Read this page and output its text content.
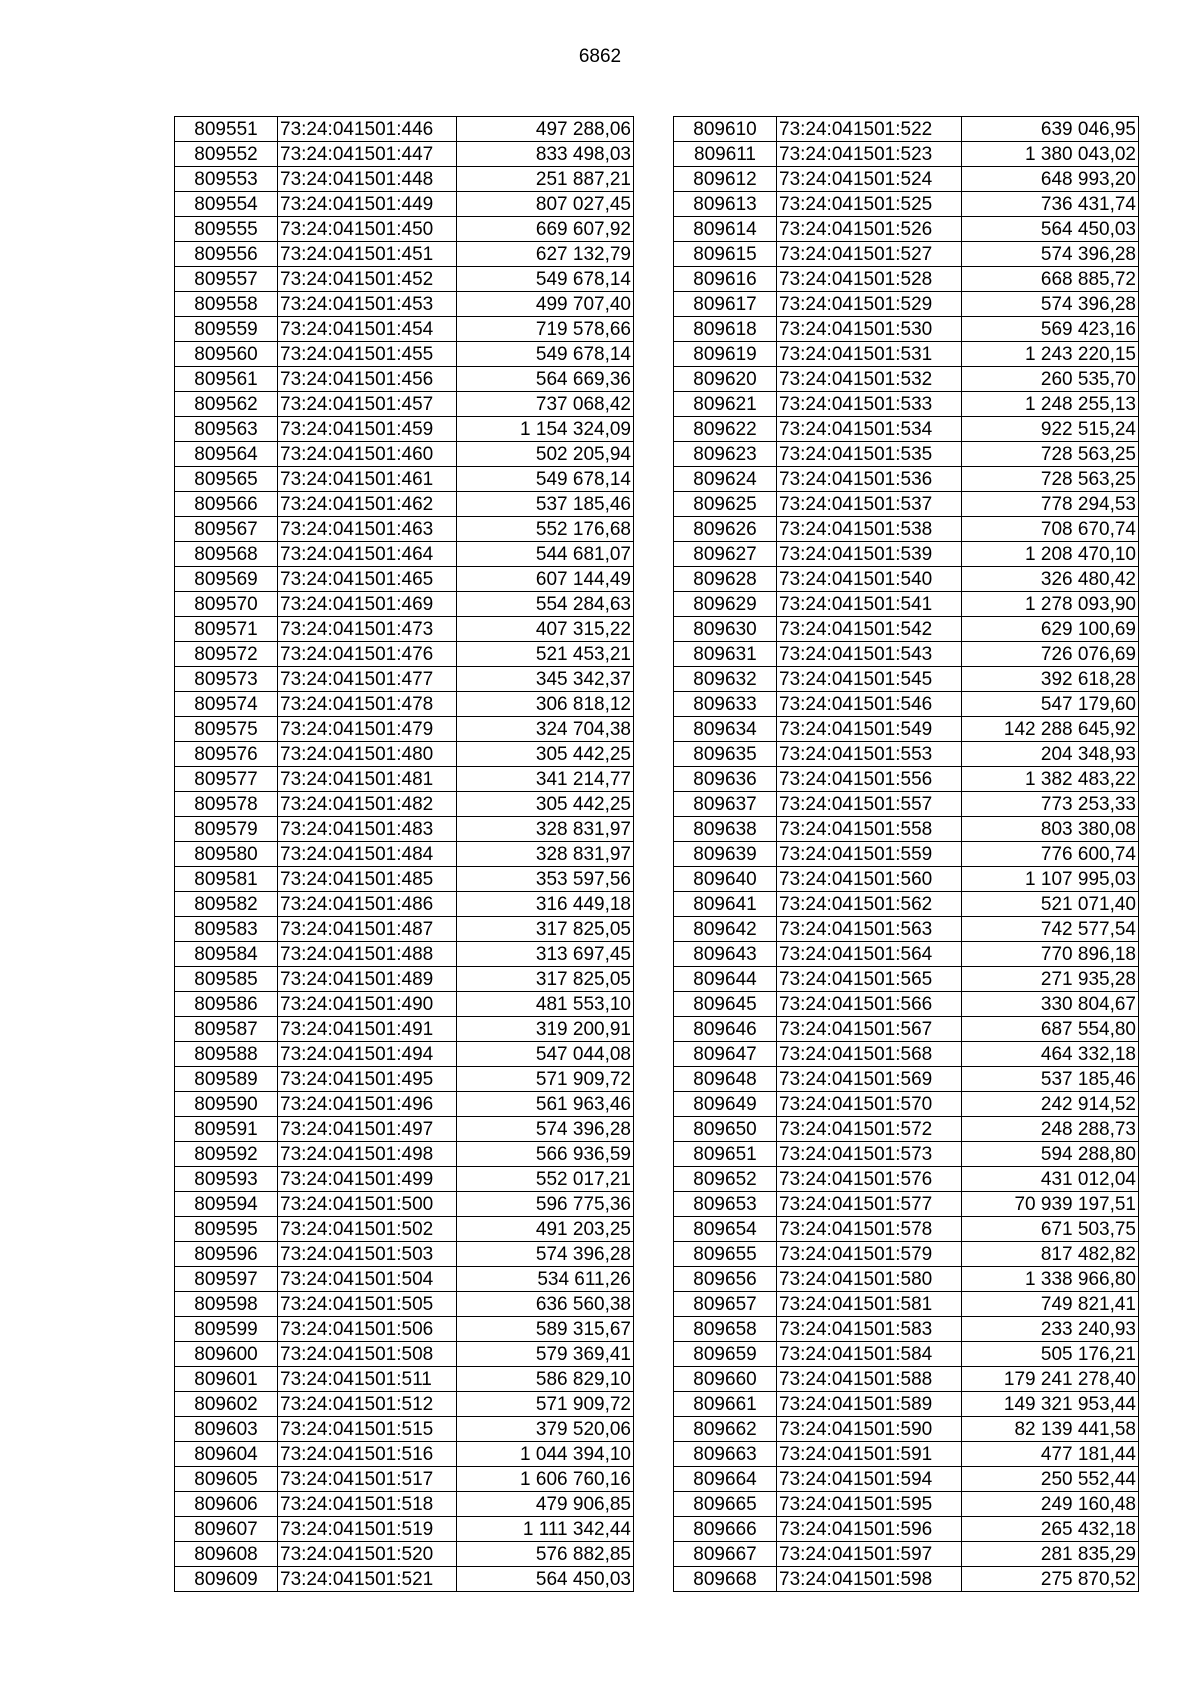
6862
809551	73:24:041501:446	497 288,06
809552	73:24:041501:447	833 498,03
809553	73:24:041501:448	251 887,21
809554	73:24:041501:449	807 027,45
809555	73:24:041501:450	669 607,92
809556	73:24:041501:451	627 132,79
809557	73:24:041501:452	549 678,14
809558	73:24:041501:453	499 707,40
809559	73:24:041501:454	719 578,66
809560	73:24:041501:455	549 678,14
809561	73:24:041501:456	564 669,36
809562	73:24:041501:457	737 068,42
809563	73:24:041501:459	1 154 324,09
809564	73:24:041501:460	502 205,94
809565	73:24:041501:461	549 678,14
809566	73:24:041501:462	537 185,46
809567	73:24:041501:463	552 176,68
809568	73:24:041501:464	544 681,07
809569	73:24:041501:465	607 144,49
809570	73:24:041501:469	554 284,63
809571	73:24:041501:473	407 315,22
809572	73:24:041501:476	521 453,21
809573	73:24:041501:477	345 342,37
809574	73:24:041501:478	306 818,12
809575	73:24:041501:479	324 704,38
809576	73:24:041501:480	305 442,25
809577	73:24:041501:481	341 214,77
809578	73:24:041501:482	305 442,25
809579	73:24:041501:483	328 831,97
809580	73:24:041501:484	328 831,97
809581	73:24:041501:485	353 597,56
809582	73:24:041501:486	316 449,18
809583	73:24:041501:487	317 825,05
809584	73:24:041501:488	313 697,45
809585	73:24:041501:489	317 825,05
809586	73:24:041501:490	481 553,10
809587	73:24:041501:491	319 200,91
809588	73:24:041501:494	547 044,08
809589	73:24:041501:495	571 909,72
809590	73:24:041501:496	561 963,46
809591	73:24:041501:497	574 396,28
809592	73:24:041501:498	566 936,59
809593	73:24:041501:499	552 017,21
809594	73:24:041501:500	596 775,36
809595	73:24:041501:502	491 203,25
809596	73:24:041501:503	574 396,28
809597	73:24:041501:504	534 611,26
809598	73:24:041501:505	636 560,38
809599	73:24:041501:506	589 315,67
809600	73:24:041501:508	579 369,41
809601	73:24:041501:511	586 829,10
809602	73:24:041501:512	571 909,72
809603	73:24:041501:515	379 520,06
809604	73:24:041501:516	1 044 394,10
809605	73:24:041501:517	1 606 760,16
809606	73:24:041501:518	479 906,85
809607	73:24:041501:519	1 111 342,44
809608	73:24:041501:520	576 882,85
809609	73:24:041501:521	564 450,03
809610	73:24:041501:522	639 046,95
809611	73:24:041501:523	1 380 043,02
809612	73:24:041501:524	648 993,20
809613	73:24:041501:525	736 431,74
809614	73:24:041501:526	564 450,03
809615	73:24:041501:527	574 396,28
809616	73:24:041501:528	668 885,72
809617	73:24:041501:529	574 396,28
809618	73:24:041501:530	569 423,16
809619	73:24:041501:531	1 243 220,15
809620	73:24:041501:532	260 535,70
809621	73:24:041501:533	1 248 255,13
809622	73:24:041501:534	922 515,24
809623	73:24:041501:535	728 563,25
809624	73:24:041501:536	728 563,25
809625	73:24:041501:537	778 294,53
809626	73:24:041501:538	708 670,74
809627	73:24:041501:539	1 208 470,10
809628	73:24:041501:540	326 480,42
809629	73:24:041501:541	1 278 093,90
809630	73:24:041501:542	629 100,69
809631	73:24:041501:543	726 076,69
809632	73:24:041501:545	392 618,28
809633	73:24:041501:546	547 179,60
809634	73:24:041501:549	142 288 645,92
809635	73:24:041501:553	204 348,93
809636	73:24:041501:556	1 382 483,22
809637	73:24:041501:557	773 253,33
809638	73:24:041501:558	803 380,08
809639	73:24:041501:559	776 600,74
809640	73:24:041501:560	1 107 995,03
809641	73:24:041501:562	521 071,40
809642	73:24:041501:563	742 577,54
809643	73:24:041501:564	770 896,18
809644	73:24:041501:565	271 935,28
809645	73:24:041501:566	330 804,67
809646	73:24:041501:567	687 554,80
809647	73:24:041501:568	464 332,18
809648	73:24:041501:569	537 185,46
809649	73:24:041501:570	242 914,52
809650	73:24:041501:572	248 288,73
809651	73:24:041501:573	594 288,80
809652	73:24:041501:576	431 012,04
809653	73:24:041501:577	70 939 197,51
809654	73:24:041501:578	671 503,75
809655	73:24:041501:579	817 482,82
809656	73:24:041501:580	1 338 966,80
809657	73:24:041501:581	749 821,41
809658	73:24:041501:583	233 240,93
809659	73:24:041501:584	505 176,21
809660	73:24:041501:588	179 241 278,40
809661	73:24:041501:589	149 321 953,44
809662	73:24:041501:590	82 139 441,58
809663	73:24:041501:591	477 181,44
809664	73:24:041501:594	250 552,44
809665	73:24:041501:595	249 160,48
809666	73:24:041501:596	265 432,18
809667	73:24:041501:597	281 835,29
809668	73:24:041501:598	275 870,52
